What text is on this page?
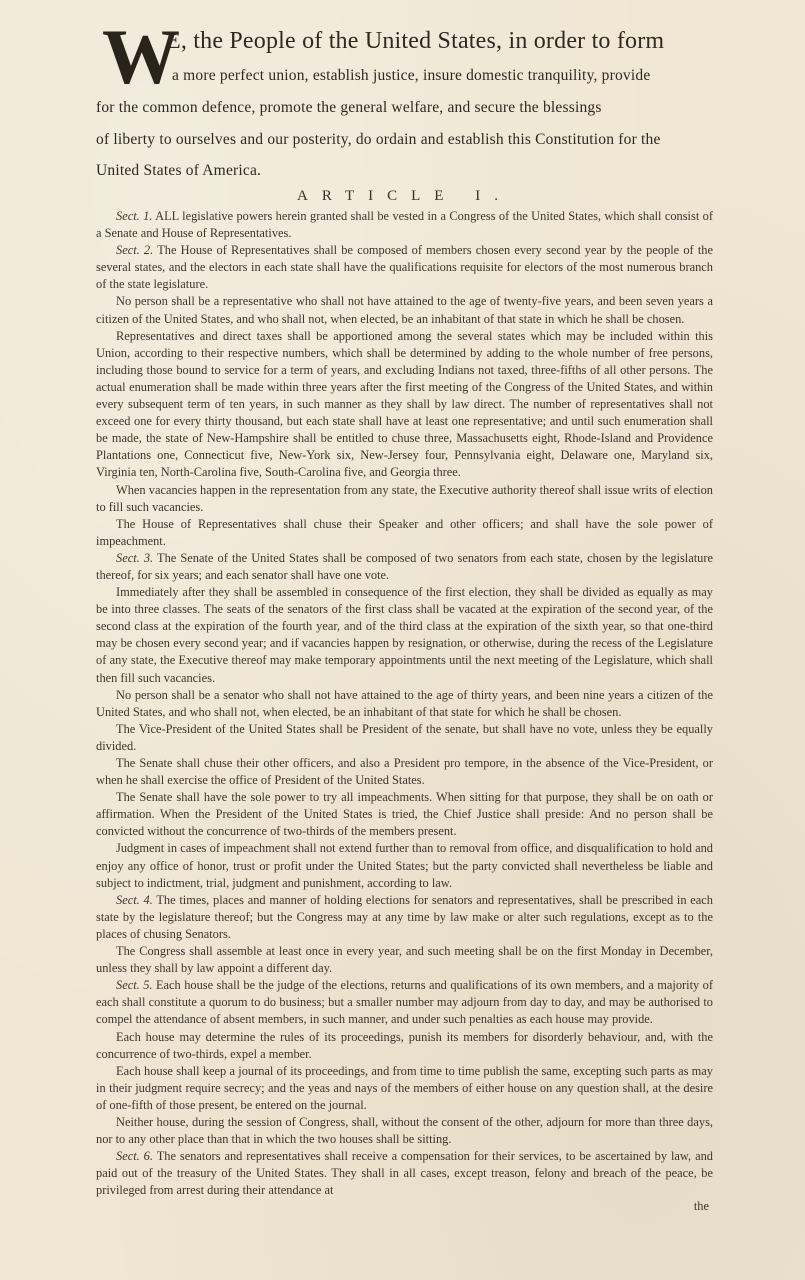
W
E, the People of the United States, in order to form
a more perfect union, establish justice, insure domestic tranquility, provide
for the common defence, promote the general welfare, and secure the blessings
of liberty to ourselves and our posterity, do ordain and establish this Constitution for the
United States of America.
ARTICLE I.

Sect. 1. ALL legislative powers herein granted shall be vested in a Congress of the United States, which shall consist of a Senate and House of Representatives.

Sect. 2. The House of Representatives shall be composed of members chosen every second year by the people of the several states, and the electors in each state shall have the qualifications requisite for electors of the most numerous branch of the state legislature.

No person shall be a representative who shall not have attained to the age of twenty-five years, and been seven years a citizen of the United States, and who shall not, when elected, be an inhabitant of that state in which he shall be chosen.

Representatives and direct taxes shall be apportioned among the several states which may be included within this Union, according to their respective numbers, which shall be determined by adding to the whole number of free persons, including those bound to service for a term of years, and excluding Indians not taxed, three-fifths of all other persons. The actual enumeration shall be made within three years after the first meeting of the Congress of the United States, and within every subsequent term of ten years, in such manner as they shall by law direct. The number of representatives shall not exceed one for every thirty thousand, but each state shall have at least one representative; and until such enumeration shall be made, the state of New-Hampshire shall be entitled to chuse three, Massachusetts eight, Rhode-Island and Providence Plantations one, Connecticut five, New-York six, New-Jersey four, Pennsylvania eight, Delaware one, Maryland six, Virginia ten, North-Carolina five, South-Carolina five, and Georgia three.

When vacancies happen in the representation from any state, the Executive authority thereof shall issue writs of election to fill such vacancies.

The House of Representatives shall chuse their Speaker and other officers; and shall have the sole power of impeachment.

Sect. 3. The Senate of the United States shall be composed of two senators from each state, chosen by the legislature thereof, for six years; and each senator shall have one vote.

Immediately after they shall be assembled in consequence of the first election, they shall be divided as equally as may be into three classes. The seats of the senators of the first class shall be vacated at the expiration of the second year, of the second class at the expiration of the fourth year, and of the third class at the expiration of the sixth year, so that one-third may be chosen every second year; and if vacancies happen by resignation, or otherwise, during the recess of the Legislature of any state, the Executive thereof may make temporary appointments until the next meeting of the Legislature, which shall then fill such vacancies.

No person shall be a senator who shall not have attained to the age of thirty years, and been nine years a citizen of the United States, and who shall not, when elected, be an inhabitant of that state for which he shall be chosen.

The Vice-President of the United States shall be President of the senate, but shall have no vote, unless they be equally divided.

The Senate shall chuse their other officers, and also a President pro tempore, in the absence of the Vice-President, or when he shall exercise the office of President of the United States.

The Senate shall have the sole power to try all impeachments. When sitting for that purpose, they shall be on oath or affirmation. When the President of the United States is tried, the Chief Justice shall preside: And no person shall be convicted without the concurrence of two-thirds of the members present.

Judgment in cases of impeachment shall not extend further than to removal from office, and disqualification to hold and enjoy any office of honor, trust or profit under the United States; but the party convicted shall nevertheless be liable and subject to indictment, trial, judgment and punishment, according to law.

Sect. 4. The times, places and manner of holding elections for senators and representatives, shall be prescribed in each state by the legislature thereof; but the Congress may at any time by law make or alter such regulations, except as to the places of chusing Senators.

The Congress shall assemble at least once in every year, and such meeting shall be on the first Monday in December, unless they shall by law appoint a different day.

Sect. 5. Each house shall be the judge of the elections, returns and qualifications of its own members, and a majority of each shall constitute a quorum to do business; but a smaller number may adjourn from day to day, and may be authorised to compel the attendance of absent members, in such manner, and under such penalties as each house may provide.

Each house may determine the rules of its proceedings, punish its members for disorderly behaviour, and, with the concurrence of two-thirds, expel a member.

Each house shall keep a journal of its proceedings, and from time to time publish the same, excepting such parts as may in their judgment require secrecy; and the yeas and nays of the members of either house on any question shall, at the desire of one-fifth of those present, be entered on the journal.

Neither house, during the session of Congress, shall, without the consent of the other, adjourn for more than three days, nor to any other place than that in which the two houses shall be sitting.

Sect. 6. The senators and representatives shall receive a compensation for their services, to be ascertained by law, and paid out of the treasury of the United States. They shall in all cases, except treason, felony and breach of the peace, be privileged from arrest during their attendance at

the
